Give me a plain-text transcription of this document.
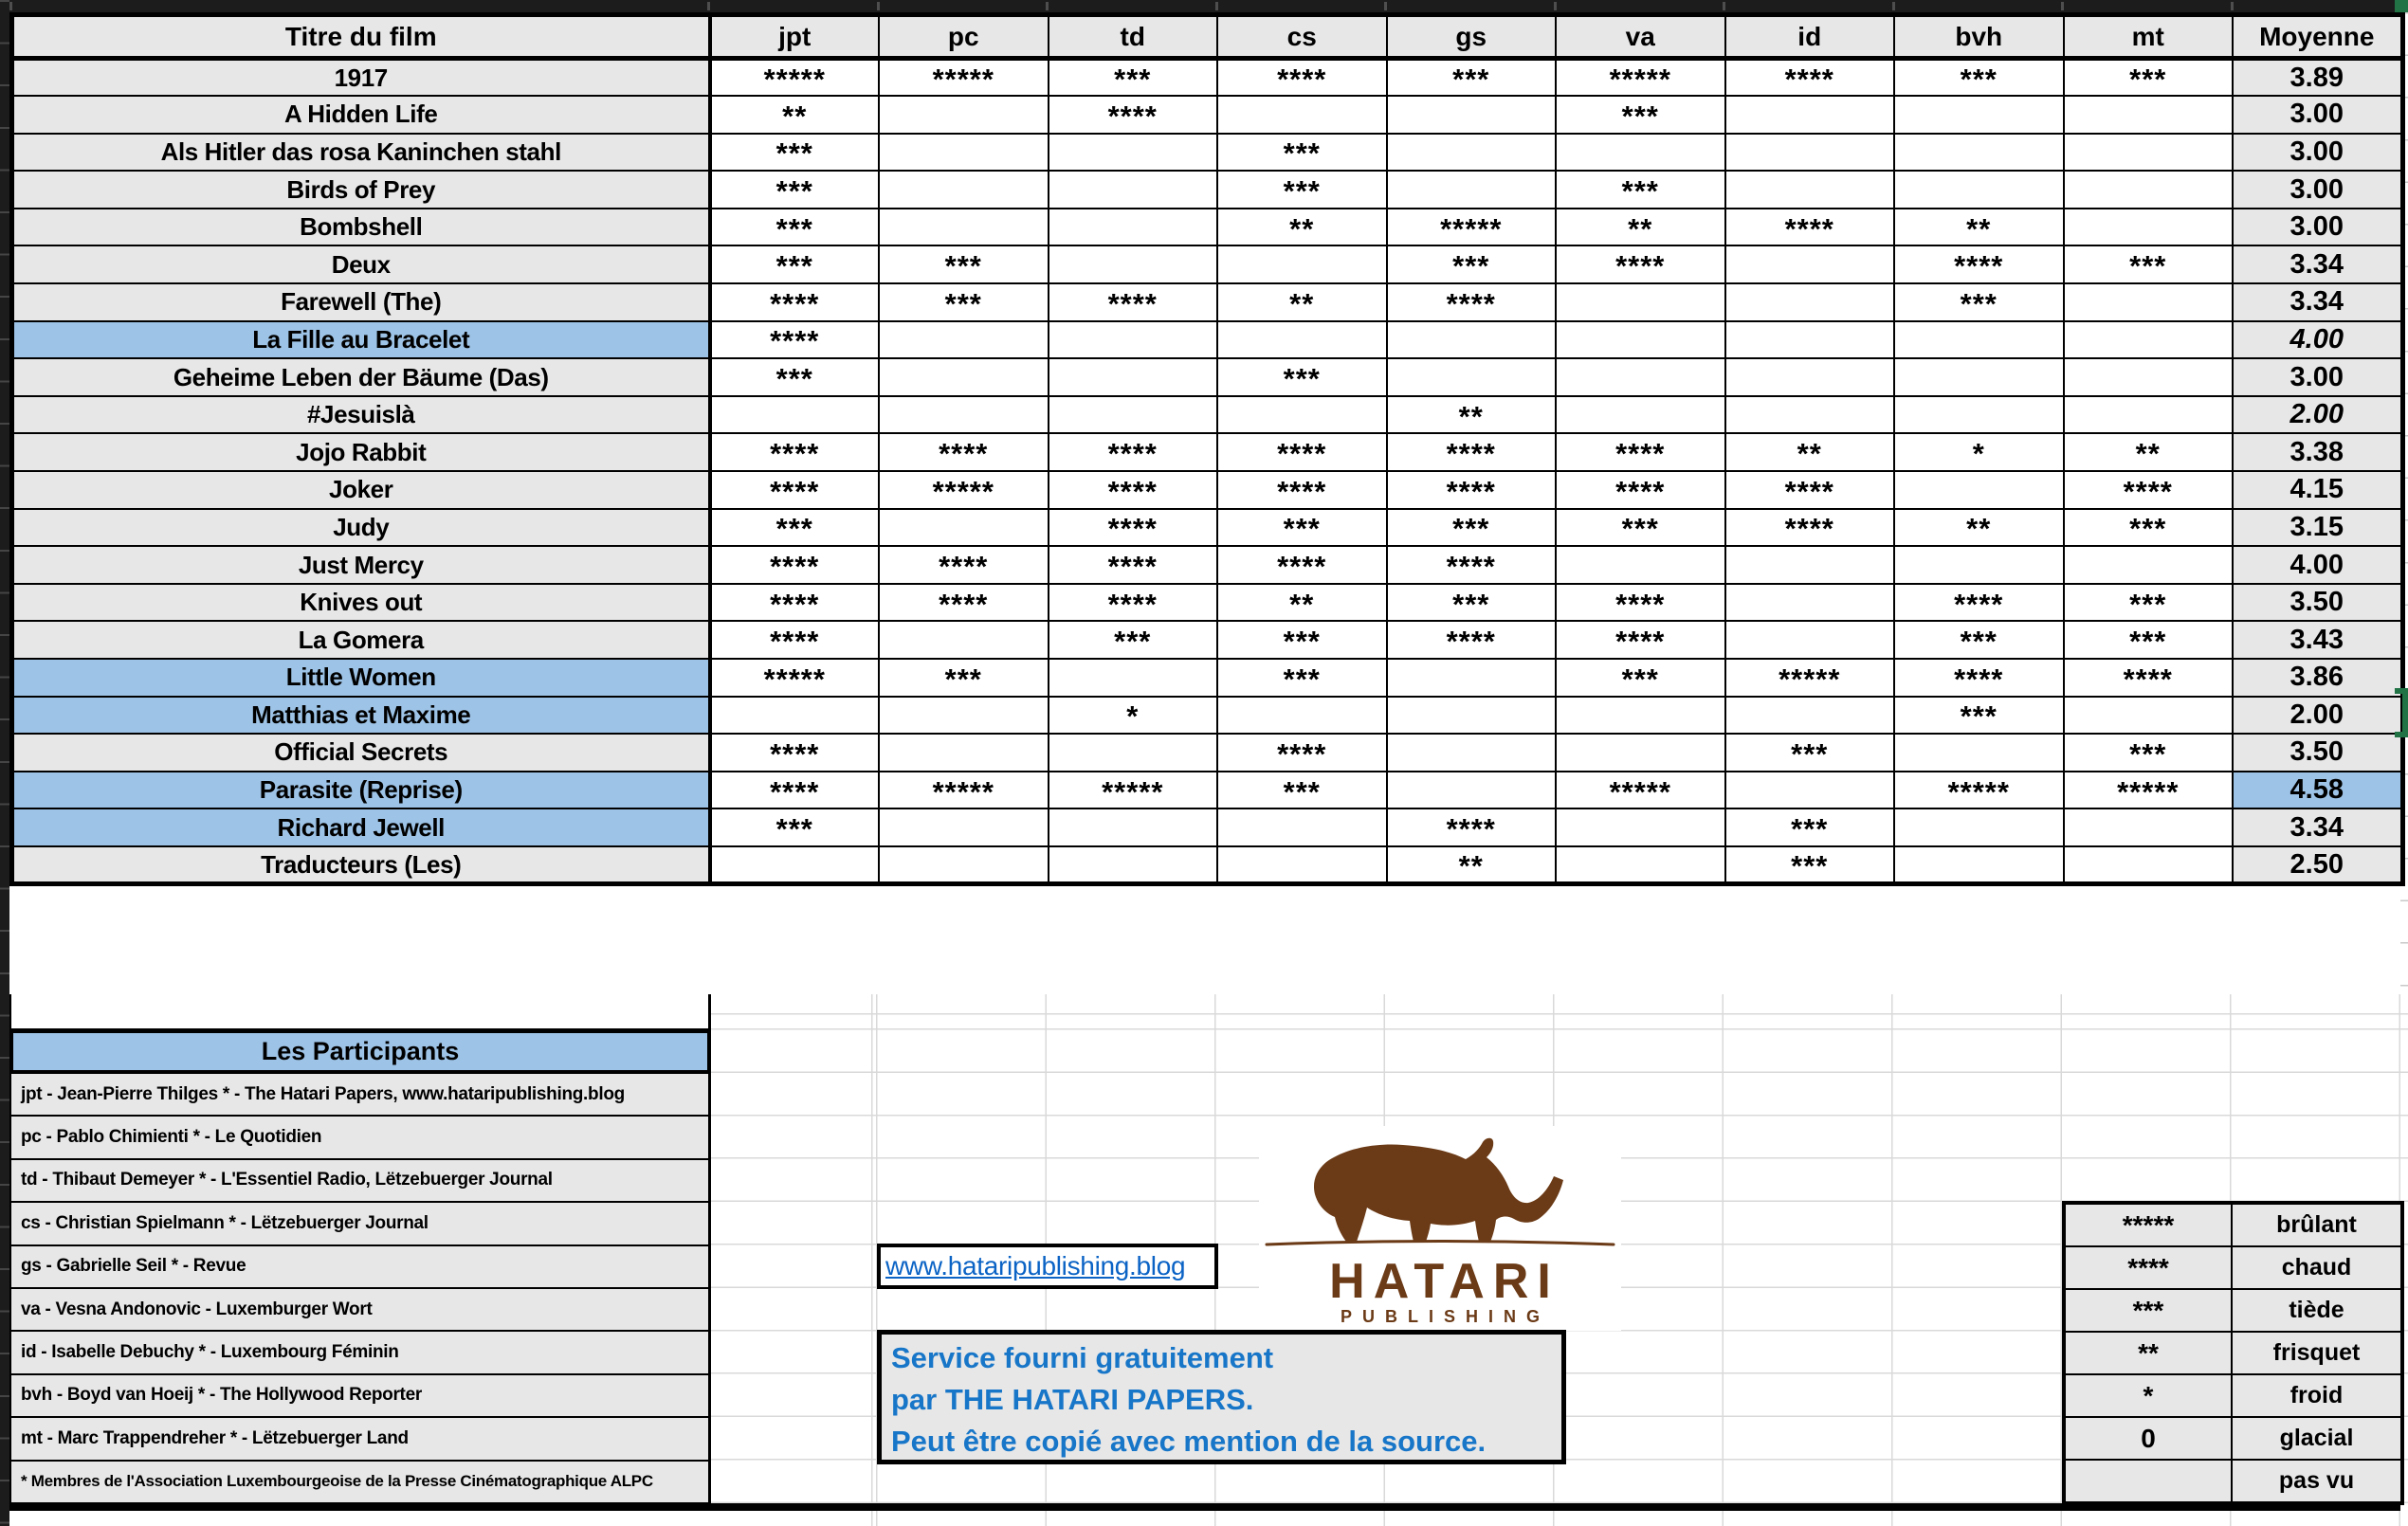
Titre du film	jpt	pc	td	cs	gs	va	id	bvh	mt	Moyenne
1917	*****	*****	***	****	***	*****	****	***	***	3.89
A Hidden Life	**		****			***				3.00
Als Hitler das rosa Kaninchen stahl	***			***						3.00
Birds of Prey	***			***		***				3.00
Bombshell	***			**	*****	**	****	**		3.00
Deux	***	***			***	****		****	***	3.34
Farewell (The)	****	***	****	**	****			***		3.34
La Fille au Bracelet	****									4.00
Geheime Leben der Bäume (Das)	***			***						3.00
#Jesuislà					**					2.00
Jojo Rabbit	****	****	****	****	****	****	**	*	**	3.38
Joker	****	*****	****	****	****	****	****		****	4.15
Judy	***		****	***	***	***	****	**	***	3.15
Just Mercy	****	****	****	****	****					4.00
Knives out	****	****	****	**	***	****		****	***	3.50
La Gomera	****		***	***	****	****		***	***	3.43
Little Women	*****	***		***		***	*****	****	****	3.86
Matthias et Maxime			*					***		2.00
Official Secrets	****			****			***		***	3.50
Parasite (Reprise)	****	*****	*****	***		*****		*****	*****	4.58
Richard Jewell	***				****		***			3.34
Traducteurs (Les)					**		***			2.50
Les Participants
jpt - Jean-Pierre Thilges * - The Hatari Papers, www.hataripublishing.blog
pc - Pablo Chimienti * - Le Quotidien
td - Thibaut Demeyer * - L'Essentiel Radio, Lëtzebuerger Journal
cs - Christian Spielmann * - Lëtzebuerger Journal
gs - Gabrielle Seil * - Revue
va - Vesna Andonovic - Luxemburger Wort
id - Isabelle Debuchy * - Luxembourg Féminin
bvh - Boyd van Hoeij * - The Hollywood Reporter
mt - Marc Trappendreher * - Lëtzebuerger Land
* Membres de l'Association Luxembourgeoise de la Presse Cinématographique ALPC
*****	brûlant
****	chaud
***	tiède
**	frisquet
*	froid
0	glacial
	pas vu
HATARI
PUBLISHING
www.hataripublishing.blog
Service fourni gratuitement
par THE HATARI PAPERS.
Peut être copié avec mention de la source.
